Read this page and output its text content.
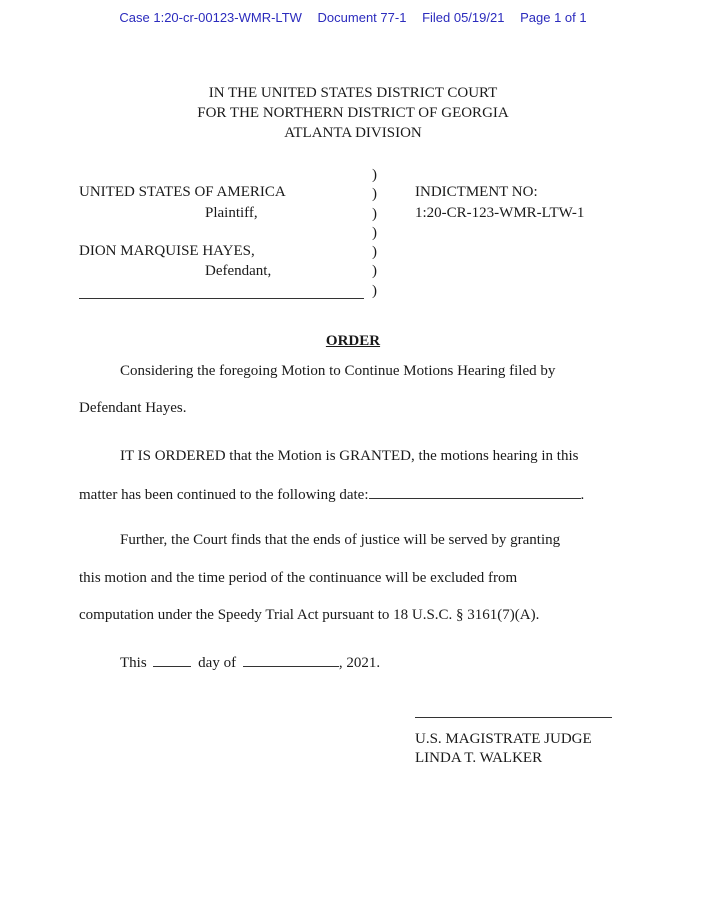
Case 1:20-cr-00123-WMR-LTW Document 77-1 Filed 05/19/21 Page 1 of 1
IN THE UNITED STATES DISTRICT COURT
FOR THE NORTHERN DISTRICT OF GEORGIA
ATLANTA DIVISION
UNITED STATES OF AMERICA
Plaintiff,
DION MARQUISE HAYES,
Defendant,
)
)
)
)
)
)
)
INDICTMENT NO:
1:20-CR-123-WMR-LTW-1
ORDER
Considering the foregoing Motion to Continue Motions Hearing filed by
Defendant Hayes.
IT IS ORDERED that the Motion is GRANTED, the motions hearing in this
matter has been continued to the following date:	.
Further, the Court finds that the ends of justice will be served by granting
this motion and the time period of the continuance will be excluded from
computation under the Speedy Trial Act pursuant to 18 U.S.C. § 3161(7)(A).
This	day of	, 2021.
U.S. MAGISTRATE JUDGE
LINDA T. WALKER
